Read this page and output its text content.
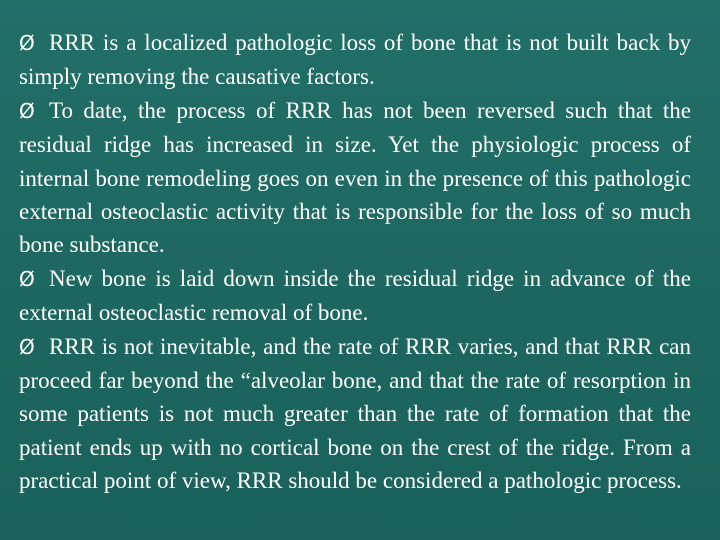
Ø RRR is a localized pathologic loss of bone that is not built back by simply removing the causative factors.

Ø To date, the process of RRR has not been reversed such that the residual ridge has increased in size. Yet the physiologic process of internal bone remodeling goes on even in the presence of this pathologic external osteoclastic activity that is responsible for the loss of so much bone substance.

Ø New bone is laid down inside the residual ridge in advance of the external osteoclastic removal of bone.

Ø RRR is not inevitable, and the rate of RRR varies, and that RRR can proceed far beyond the “alveolar bone, and that the rate of resorption in some patients is not much greater than the rate of formation that the patient ends up with no cortical bone on the crest of the ridge. From a practical point of view, RRR should be considered a pathologic process.
